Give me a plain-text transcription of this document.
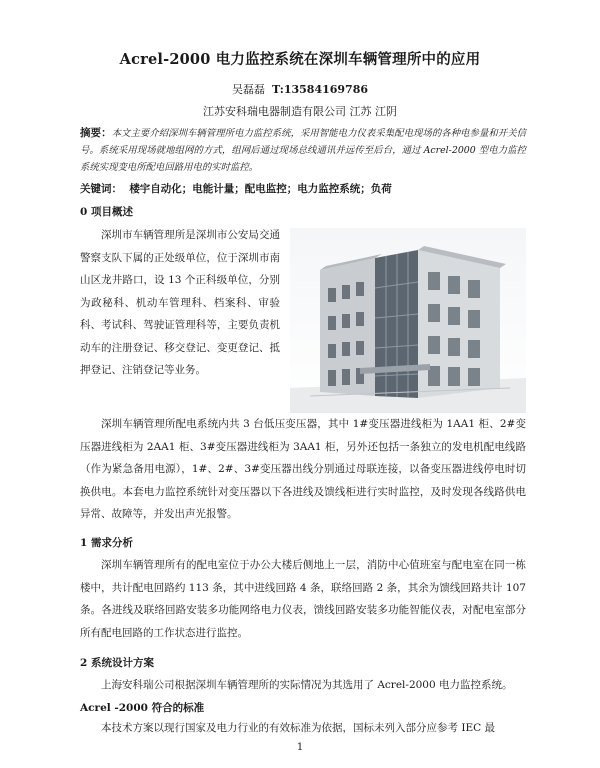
Acrel-2000 电力监控系统在深圳车辆管理所中的应用
吴磊磊 T:13584169786
江苏安科瑞电器制造有限公司 江苏 江阴
摘要：本文主要介绍深圳车辆管理所电力监控系统，采用智能电力仪表采集配电现场的各种电参量和开关信号。系统采用现场就地组网的方式，组网后通过现场总线通讯并远传至后台，通过 Acrel-2000 型电力监控系统实现变电所配电回路用电的实时监控。
关键词： 楼宇自动化；电能计量；配电监控；电力监控系统；负荷
0 项目概述
深圳市车辆管理所是深圳市公安局交通警察支队下属的正处级单位，位于深圳市南山区龙井路口，设 13 个正科级单位，分别为政秘科、机动车管理科、档案科、审验科、考试科、驾驶证管理科等，主要负责机动车的注册登记、移交登记、变更登记、抵押登记、注销登记等业务。
深圳车辆管理所配电系统内共 3 台低压变压器，其中 1#变压器进线柜为 1AA1 柜、2#变压器进线柜为 2AA1 柜、3#变压器进线柜为 3AA1 柜，另外还包括一条独立的发电机配电线路（作为紧急备用电源），1#、2#、3#变压器出线分别通过母联连接，以备变压器进线停电时切换供电。本套电力监控系统针对变压器以下各进线及馈线柜进行实时监控，及时发现各线路供电异常、故障等，并发出声光报警。
1 需求分析
深圳车辆管理所有的配电室位于办公大楼后侧地上一层，消防中心值班室与配电室在同一栋楼中，共计配电回路约 113 条，其中进线回路 4 条，联络回路 2 条，其余为馈线回路共计 107 条。各进线及联络回路安装多功能网络电力仪表，馈线回路安装多功能智能仪表，对配电室部分所有配电回路的工作状态进行监控。
2 系统设计方案
上海安科瑞公司根据深圳车辆管理所的实际情况为其选用了 Acrel-2000 电力监控系统。
Acrel -2000 符合的标准
本技术方案以现行国家及电力行业的有效标准为依据，国标未列入部分应参考 IEC 最
1
